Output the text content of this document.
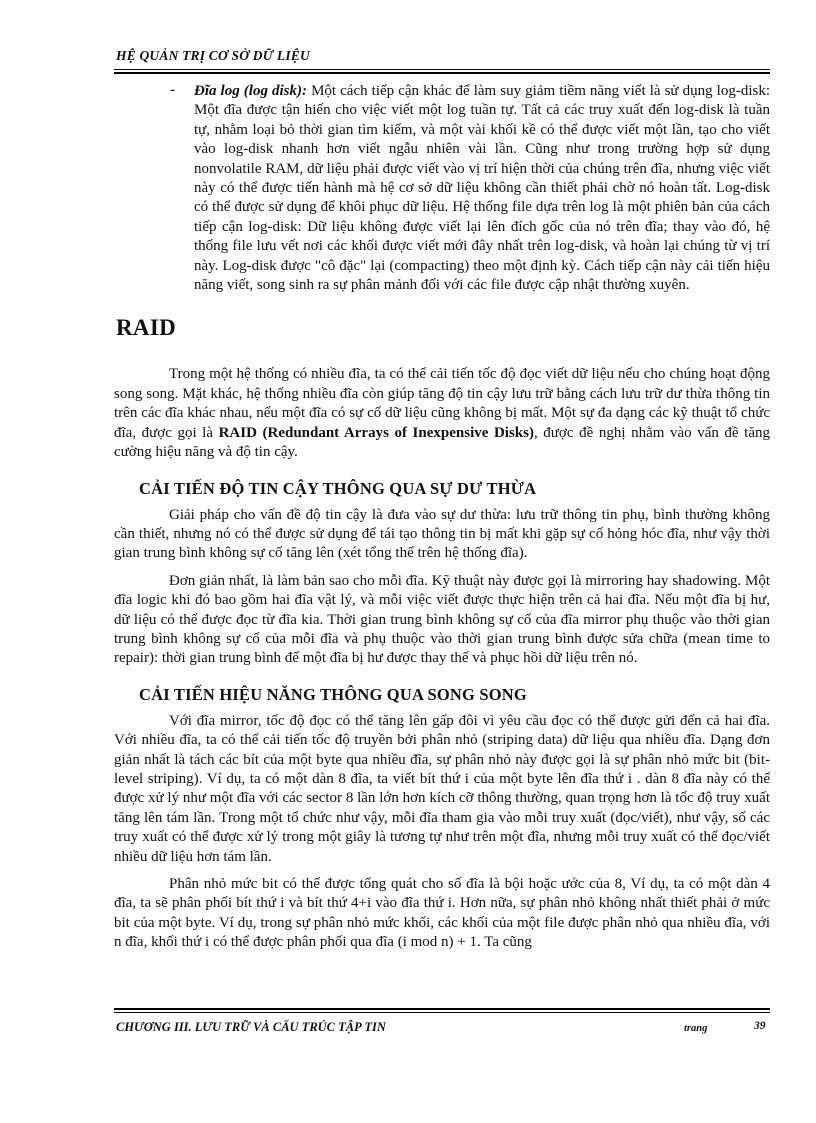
HỆ QUẢN TRỊ CƠ SỞ DỮ LIỆU
- Đĩa log (log disk): Một cách tiếp cận khác để làm suy giảm tiềm năng viết là sử dụng log-disk: Một đĩa được tận hiến cho việc viết một log tuần tự. Tất cả các truy xuất đến log-disk là tuần tự, nhằm loại bỏ thời gian tìm kiếm, và một vài khối kề có thể được viết một lần, tạo cho viết vào log-disk nhanh hơn viết ngẫu nhiên vài lần. Cũng như trong trường hợp sử dụng nonvolatile RAM, dữ liệu phải được viết vào vị trí hiện thời của chúng trên đĩa, nhưng việc viết này có thể được tiến hành mà hệ cơ sở dữ liệu không cần thiết phải chờ nó hoàn tất. Log-disk có thể được sử dụng để khôi phục dữ liệu. Hệ thống file dựa trên log là một phiên bản của cách tiếp cận log-disk: Dữ liệu không được viết lại lên đích gốc của nó trên đĩa; thay vào đó, hệ thống file lưu vết nơi các khối được viết mới đây nhất trên log-disk, và hoàn lại chúng từ vị trí này. Log-disk được "cô đặc" lại (compacting) theo một định kỳ. Cách tiếp cận này cải tiến hiệu năng viết, song sinh ra sự phân mảnh đối với các file được cập nhật thường xuyên.

RAID

Trong một hệ thống có nhiều đĩa, ta có thể cải tiến tốc độ đọc viết dữ liệu nếu cho chúng hoạt động song song. Mặt khác, hệ thống nhiều đĩa còn giúp tăng độ tin cậy lưu trữ bằng cách lưu trữ dư thừa thông tin trên các đĩa khác nhau, nếu một đĩa có sự cố dữ liệu cũng không bị mất. Một sự đa dạng các kỹ thuật tổ chức đĩa, được gọi là RAID (Redundant Arrays of Inexpensive Disks), được đề nghị nhằm vào vấn đề tăng cường hiệu năng và độ tin cậy.

CẢI TIẾN ĐỘ TIN CẬY THÔNG QUA SỰ DƯ THỪA

Giải pháp cho vấn đề độ tin cậy là đưa vào sự dư thừa: lưu trữ thông tin phụ, bình thường không cần thiết, nhưng nó có thể được sử dụng để tái tạo thông tin bị mất khi gặp sự cố hỏng hóc đĩa, như vậy thời gian trung bình không sự cố tăng lên (xét tổng thể trên hệ thống đĩa).

Đơn giản nhất, là làm bản sao cho mỗi đĩa. Kỹ thuật này được gọi là mirroring hay shadowing. Một đĩa logic khi đó bao gồm hai đĩa vật lý, và mỗi việc viết được thực hiện trên cả hai đĩa. Nếu một đĩa bị hư, dữ liệu có thể được đọc từ đĩa kia. Thời gian trung bình không sự cố của đĩa mirror phụ thuộc vào thời gian trung bình không sự cố của mỗi đĩa và phụ thuộc vào thời gian trung bình được sửa chữa (mean time to repair): thời gian trung bình để một đĩa bị hư được thay thế và phục hồi dữ liệu trên nó.

CẢI TIẾN HIỆU NĂNG THÔNG QUA SONG SONG

Với đĩa mirror, tốc độ đọc có thể tăng lên gấp đôi vì yêu cầu đọc có thể được gửi đến cả hai đĩa. Với nhiều đĩa, ta có thể cải tiến tốc độ truyền bởi phân nhỏ (striping data) dữ liệu qua nhiều đĩa. Dạng đơn giản nhất là tách các bít của một byte qua nhiều đĩa, sự phân nhỏ này được gọi là sự phân nhỏ mức bit (bit-level striping). Ví dụ, ta có một dàn 8 đĩa, ta viết bít thứ i của một byte lên đĩa thứ i . dàn 8 đĩa này có thể được xử lý như một đĩa với các sector 8 lần lớn hơn kích cỡ thông thường, quan trọng hơn là tốc độ truy xuất tăng lên tám lần. Trong một tổ chức như vậy, mỗi đĩa tham gia vào mỗi truy xuất (đọc/viết), như vậy, số các truy xuất có thể được xử lý trong một giây là tương tự như trên một đĩa, nhưng mỗi truy xuất có thể đọc/viết nhiều dữ liệu hơn tám lần.

Phân nhỏ mức bit có thể được tổng quát cho số đĩa là bội hoặc ước của 8, Ví dụ, ta có một dàn 4 đĩa, ta sẽ phân phối bít thứ i và bít thứ 4+i vào đĩa thứ i. Hơn nữa, sự phân nhỏ không nhất thiết phải ở mức bit của một byte. Ví dụ, trong sự phân nhỏ mức khối, các khối của một file được phân nhỏ qua nhiều đĩa, với n đĩa, khối thứ i có thể được phân phối qua đĩa (i mod n) + 1. Ta cũng

CHƯƠNG III. LƯU TRỮ VÀ CẤU TRÚC TẬP TIN	trang	39
